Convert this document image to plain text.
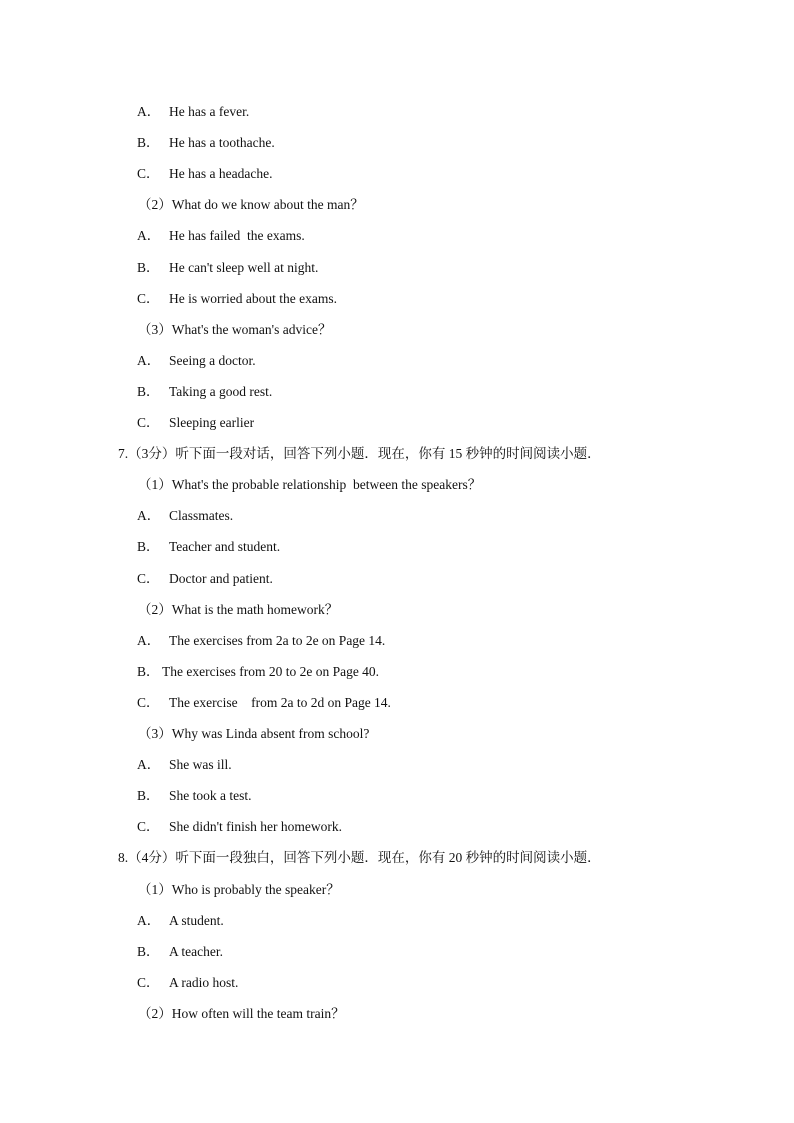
A． He has a fever.
B． He has a toothache.
C． He has a headache.
（2）What do we know about the man？
A． He has failed  the exams.
B． He can't sleep well at night.
C． He is worried about the exams.
（3）What's the woman's advice？
A． Seeing a doctor.
B． Taking a good rest.
C． Sleeping earlier
7.（3分）听下面一段对话，回答下列小题．现在，你有 15 秒钟的时间阅读小题．
（1）What's the probable relationship  between the speakers？
A． Classmates.
B． Teacher and student.
C． Doctor and patient.
（2）What is the math homework？
A． The exercises from 2a to 2e on Page 14.
B． The exercises from 20 to 2e on Page 40.
C． The exercise    from 2a to 2d on Page 14.
（3）Why was Linda absent from school?
A． She was ill.
B． She took a test.
C． She didn't finish her homework.
8.（4分）听下面一段独白，回答下列小题．现在，你有 20 秒钟的时间阅读小题．
（1）Who is probably the speaker？
A． A student.
B． A teacher.
C． A radio host.
（2）How often will the team train？
